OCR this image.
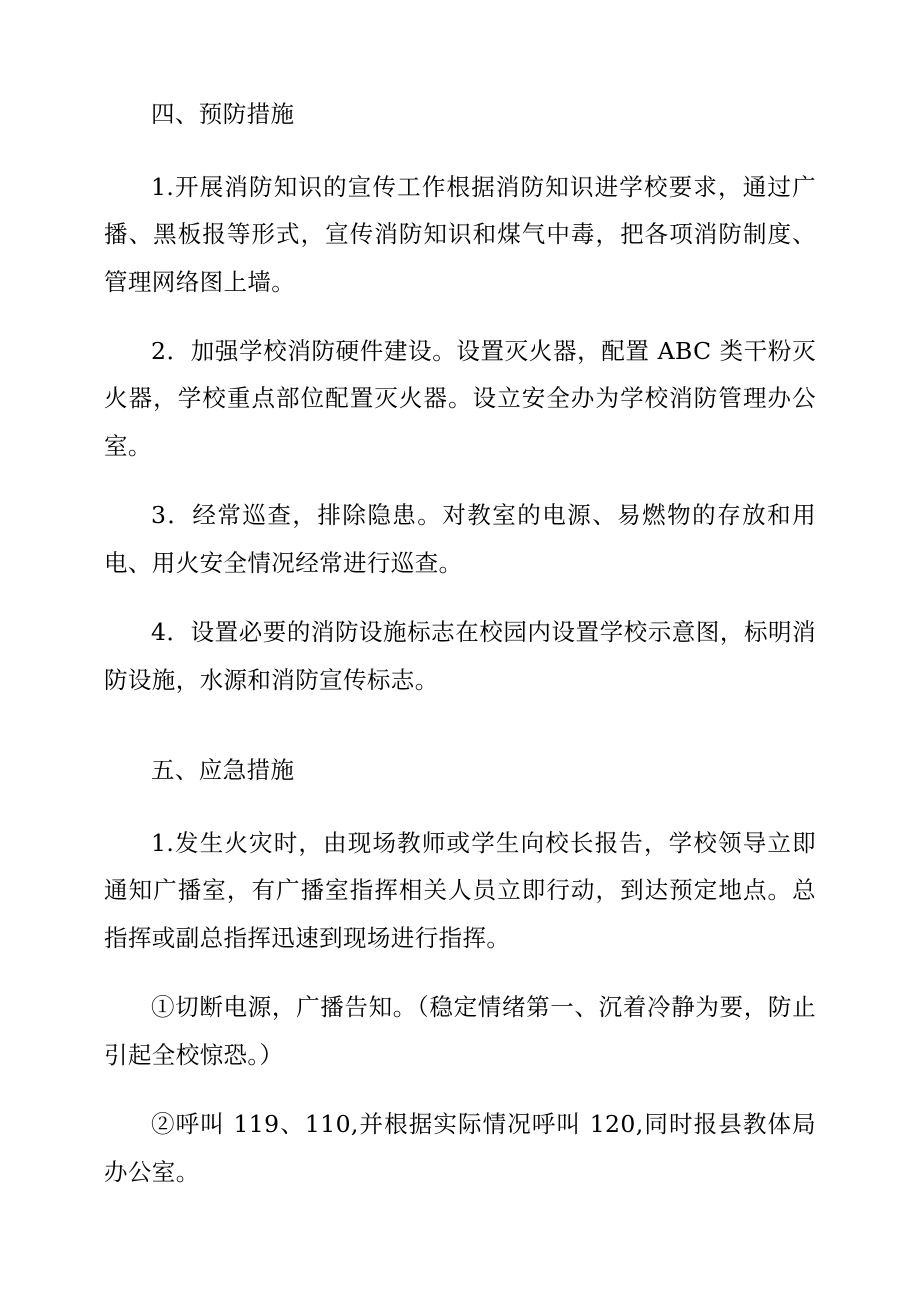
四、预防措施

1.开展消防知识的宣传工作根据消防知识进学校要求，通过广播、黑板报等形式，宣传消防知识和煤气中毒，把各项消防制度、管理网络图上墙。

2．加强学校消防硬件建设。设置灭火器，配置 ABC 类干粉灭火器，学校重点部位配置灭火器。设立安全办为学校消防管理办公室。

3．经常巡查，排除隐患。对教室的电源、易燃物的存放和用电、用火安全情况经常进行巡查。

4．设置必要的消防设施标志在校园内设置学校示意图，标明消防设施，水源和消防宣传标志。

五、应急措施

1.发生火灾时，由现场教师或学生向校长报告，学校领导立即通知广播室，有广播室指挥相关人员立即行动，到达预定地点。总指挥或副总指挥迅速到现场进行指挥。

①切断电源，广播告知。（稳定情绪第一、沉着冷静为要，防止引起全校惊恐。）

②呼叫 119、110,并根据实际情况呼叫 120,同时报县教体局办公室。
